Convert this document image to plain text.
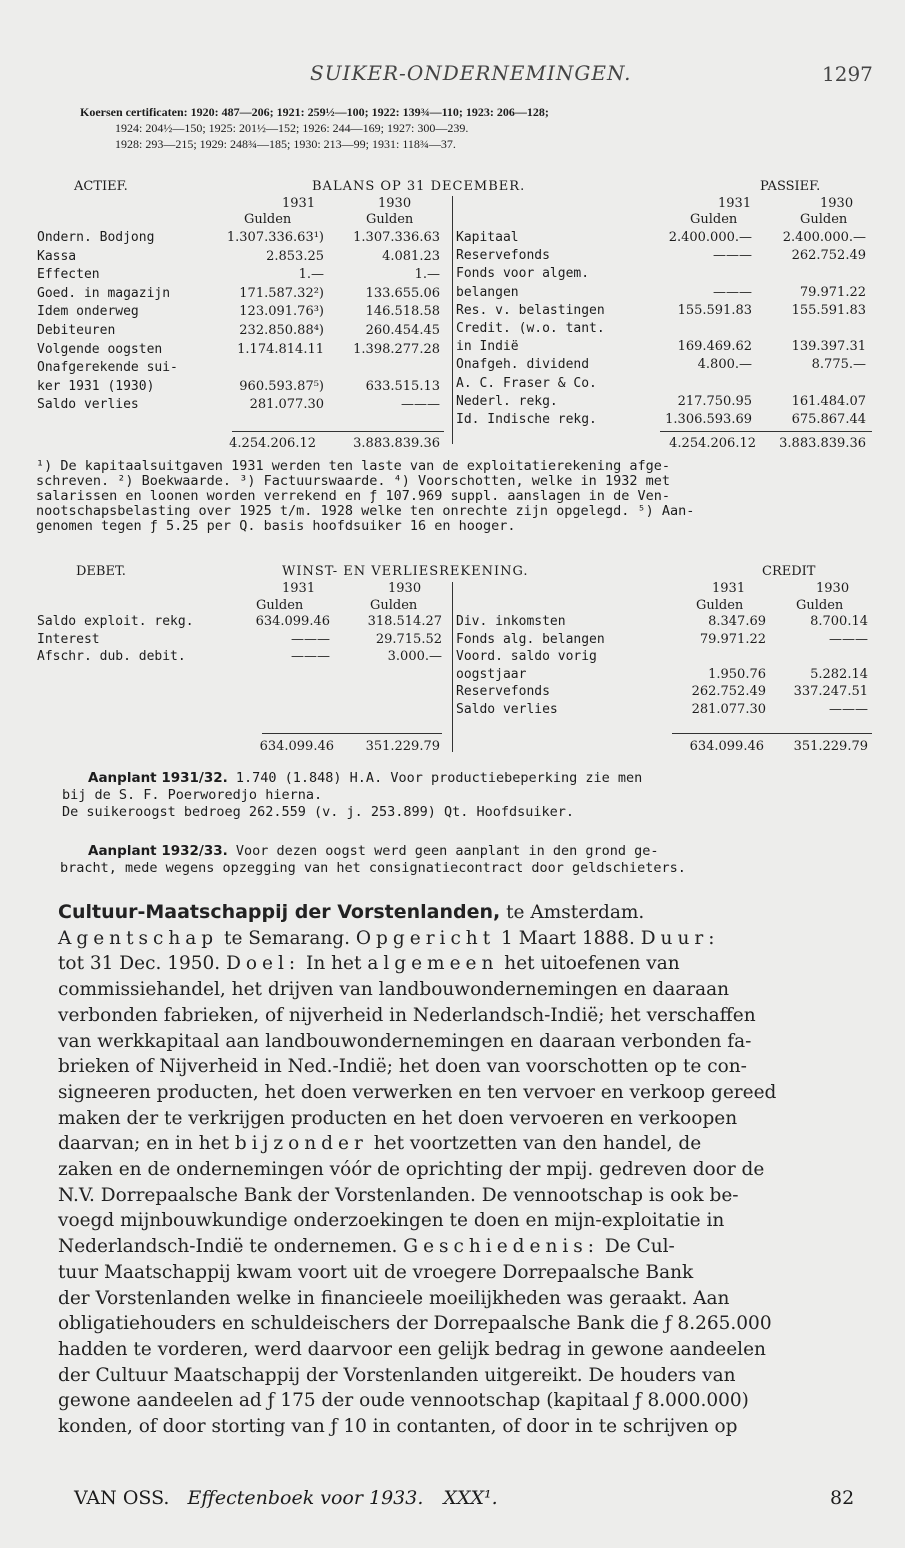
SUIKER-ONDERNEMINGEN.	1297
Koersen certificaten: 1920: 487—206; 1921: 259½—100; 1922: 139¾—110; 1923: 206—128;
1924: 204½—150; 1925: 201½—152; 1926: 244—169; 1927: 300—239.
1928: 293—215; 1929: 248¾—185; 1930: 213—99; 1931: 118¾—37.
ACTIEF.	BALANS OP 31 DECEMBER.	PASSIEF.
1931	1930
Gulden	Gulden
1931	1930
Gulden	Gulden
Ondern. Bodjong	1.307.336.63¹)	1.307.336.63
Kassa	2.853.25	4.081.23
Effecten	1.—	1.—
Goed. in magazijn	171.587.32²)	133.655.06
Idem onderweg	123.091.76³)	146.518.58
Debiteuren	232.850.88⁴)	260.454.45
Volgende oogsten	1.174.814.11	1.398.277.28
Onafgerekende sui-
ker 1931 (1930)	960.593.87⁵)	633.515.13
Saldo verlies	281.077.30	———
Kapitaal	2.400.000.—	2.400.000.—
Reservefonds	———	262.752.49
Fonds voor algem.
belangen	———	79.971.22
Res. v. belastingen	155.591.83	155.591.83
Credit. (w.o. tant.
in Indië	169.469.62	139.397.31
Onafgeh. dividend	4.800.—	8.775.—
A. C. Fraser & Co.
Nederl. rekg.	217.750.95	161.484.07
Id. Indische rekg.	1.306.593.69	675.867.44
4.254.206.12	3.883.839.36	4.254.206.12	3.883.839.36
¹) De kapitaalsuitgaven 1931 werden ten laste van de exploitatierekening afge-
schreven. ²) Boekwaarde. ³) Factuurswaarde. ⁴) Voorschotten, welke in 1932 met
salarissen en loonen worden verrekend en ƒ 107.969 suppl. aanslagen in de Ven-
nootschapsbelasting over 1925 t/m. 1928 welke ten onrechte zijn opgelegd. ⁵) Aan-
genomen tegen ƒ 5.25 per Q. basis hoofdsuiker 16 en hooger.
DEBET.	WINST- EN VERLIESREKENING.	CREDIT
1931	1930
Gulden	Gulden
1931	1930
Gulden	Gulden
Saldo exploit. rekg.	634.099.46	318.514.27
Interest	———	29.715.52
Afschr. dub. debit.	———	3.000.—
Div. inkomsten	8.347.69	8.700.14
Fonds alg. belangen	79.971.22	———
Voord. saldo vorig
oogstjaar	1.950.76	5.282.14
Reservefonds	262.752.49	337.247.51
Saldo verlies	281.077.30	———
634.099.46	351.229.79	634.099.46	351.229.79
Aanplant 1931/32. 1.740 (1.848) H.A. Voor productiebeperking zie men
bij de S. F. Poerworedjo hierna.
De suikeroogst bedroeg 262.559 (v. j. 253.899) Qt. Hoofdsuiker.
Aanplant 1932/33. Voor dezen oogst werd geen aanplant in den grond ge-
bracht, mede wegens opzegging van het consignatiecontract door geldschieters.
Cultuur-Maatschappij der Vorstenlanden, te Amsterdam.
Agentschap te Semarang. Opgericht 1 Maart 1888. Duur:
tot 31 Dec. 1950. Doel: In het algemeen het uitoefenen van
commissiehandel, het drijven van landbouwondernemingen en daaraan
verbonden fabrieken, of nijverheid in Nederlandsch-Indië; het verschaffen
van werkkapitaal aan landbouwondernemingen en daaraan verbonden fa-
brieken of Nijverheid in Ned.-Indië; het doen van voorschotten op te con-
signeeren producten, het doen verwerken en ten vervoer en verkoop gereed
maken der te verkrijgen producten en het doen vervoeren en verkoopen
daarvan; en in het bijzonder het voortzetten van den handel, de
zaken en de ondernemingen vóór de oprichting der mpij. gedreven door de
N.V. Dorrepaalsche Bank der Vorstenlanden. De vennootschap is ook be-
voegd mijnbouwkundige onderzoekingen te doen en mijn-exploitatie in
Nederlandsch-Indië te ondernemen. Geschiedenis: De Cul-
tuur Maatschappij kwam voort uit de vroegere Dorrepaalsche Bank
der Vorstenlanden welke in financieele moeilijkheden was geraakt. Aan
obligatiehouders en schuldeischers der Dorrepaalsche Bank die ƒ 8.265.000
hadden te vorderen, werd daarvoor een gelijk bedrag in gewone aandeelen
der Cultuur Maatschappij der Vorstenlanden uitgereikt. De houders van
gewone aandeelen ad ƒ 175 der oude vennootschap (kapitaal ƒ 8.000.000)
konden, of door storting van ƒ 10 in contanten, of door in te schrijven op
VAN OSS. Effectenboek voor 1933. XXX¹.	82
